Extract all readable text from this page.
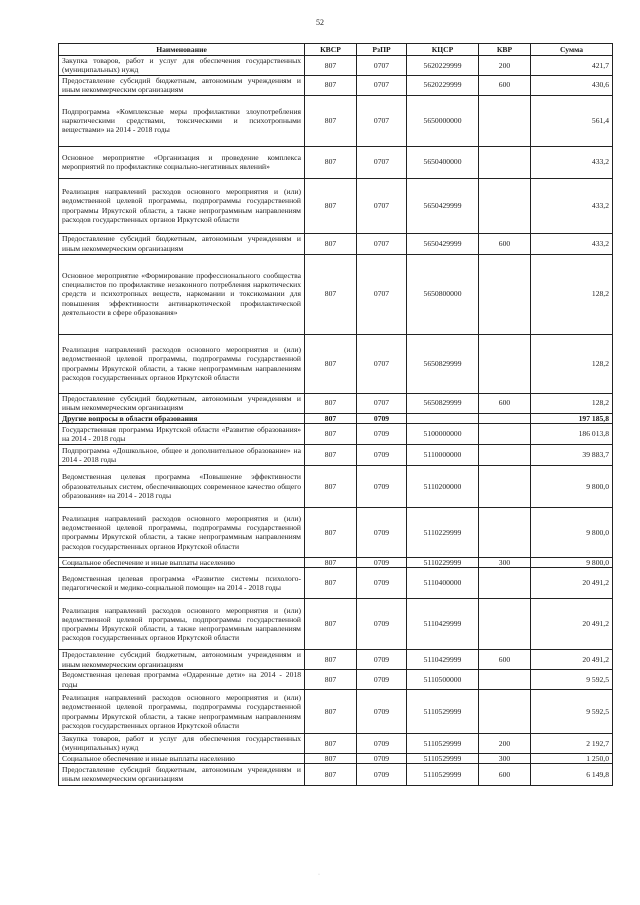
52
Наименование	КВСР	РзПР	КЦСР	КВР	Сумма
Закупка товаров, работ и услуг для обеспечения государственных (муниципальных) нужд	807	0707	5620229999	200	421,7
Предоставление субсидий бюджетным, автономным учреждениям и иным некоммерческим организациям	807	0707	5620229999	600	430,6
Подпрограмма «Комплексные меры профилактики злоупотребления наркотическими средствами, токсическими и психотропными веществами» на 2014 - 2018 годы	807	0707	5650000000		561,4
Основное мероприятие «Организация и проведение комплекса мероприятий по профилактике социально-негативных явлений»	807	0707	5650400000		433,2
Реализация направлений расходов основного мероприятия и (или) ведомственной целевой программы, подпрограммы государственной программы Иркутской области, а также непрограммным направлениям расходов государственных органов Иркутской области	807	0707	5650429999		433,2
Предоставление субсидий бюджетным, автономным учреждениям и иным некоммерческим организациям	807	0707	5650429999	600	433,2
Основное мероприятие «Формирование профессионального сообщества специалистов по профилактике незаконного потребления наркотических средств и психотропных веществ, наркомании и токсикомании для повышения эффективности антинаркотической профилактической деятельности в сфере образования»	807	0707	5650800000		128,2
Реализация направлений расходов основного мероприятия и (или) ведомственной целевой программы, подпрограммы государственной программы Иркутской области, а также непрограммным направлениям расходов государственных органов Иркутской области	807	0707	5650829999		128,2
Предоставление субсидий бюджетным, автономным учреждениям и иным некоммерческим организациям	807	0707	5650829999	600	128,2
Другие вопросы в области образования	807	0709			197 185,8
Государственная программа Иркутской области «Развитие образования» на 2014 - 2018 годы	807	0709	5100000000		186 013,8
Подпрограмма «Дошкольное, общее и дополнительное образование» на 2014 - 2018 годы	807	0709	5110000000		39 883,7
Ведомственная целевая программа «Повышение эффективности образовательных систем, обеспечивающих современное качество общего образования» на 2014 - 2018 годы	807	0709	5110200000		9 800,0
Реализация направлений расходов основного мероприятия и (или) ведомственной целевой программы, подпрограммы государственной программы Иркутской области, а также непрограммным направлениям расходов государственных органов Иркутской области	807	0709	5110229999		9 800,0
Социальное обеспечение и иные выплаты населению	807	0709	5110229999	300	9 800,0
Ведомственная целевая программа «Развитие системы психолого-педагогической и медико-социальной помощи» на 2014 - 2018 годы	807	0709	5110400000		20 491,2
Реализация направлений расходов основного мероприятия и (или) ведомственной целевой программы, подпрограммы государственной программы Иркутской области, а также непрограммным направлениям расходов государственных органов Иркутской области	807	0709	5110429999		20 491,2
Предоставление субсидий бюджетным, автономным учреждениям и иным некоммерческим организациям	807	0709	5110429999	600	20 491,2
Ведомственная целевая программа «Одаренные дети» на 2014 - 2018 годы	807	0709	5110500000		9 592,5
Реализация направлений расходов основного мероприятия и (или) ведомственной целевой программы, подпрограммы государственной программы Иркутской области, а также непрограммным направлениям расходов государственных органов Иркутской области	807	0709	5110529999		9 592,5
Закупка товаров, работ и услуг для обеспечения государственных (муниципальных) нужд	807	0709	5110529999	200	2 192,7
Социальное обеспечение и иные выплаты населению	807	0709	5110529999	300	1 250,0
Предоставление субсидий бюджетным, автономным учреждениям и иным некоммерческим организациям	807	0709	5110529999	600	6 149,8
·
